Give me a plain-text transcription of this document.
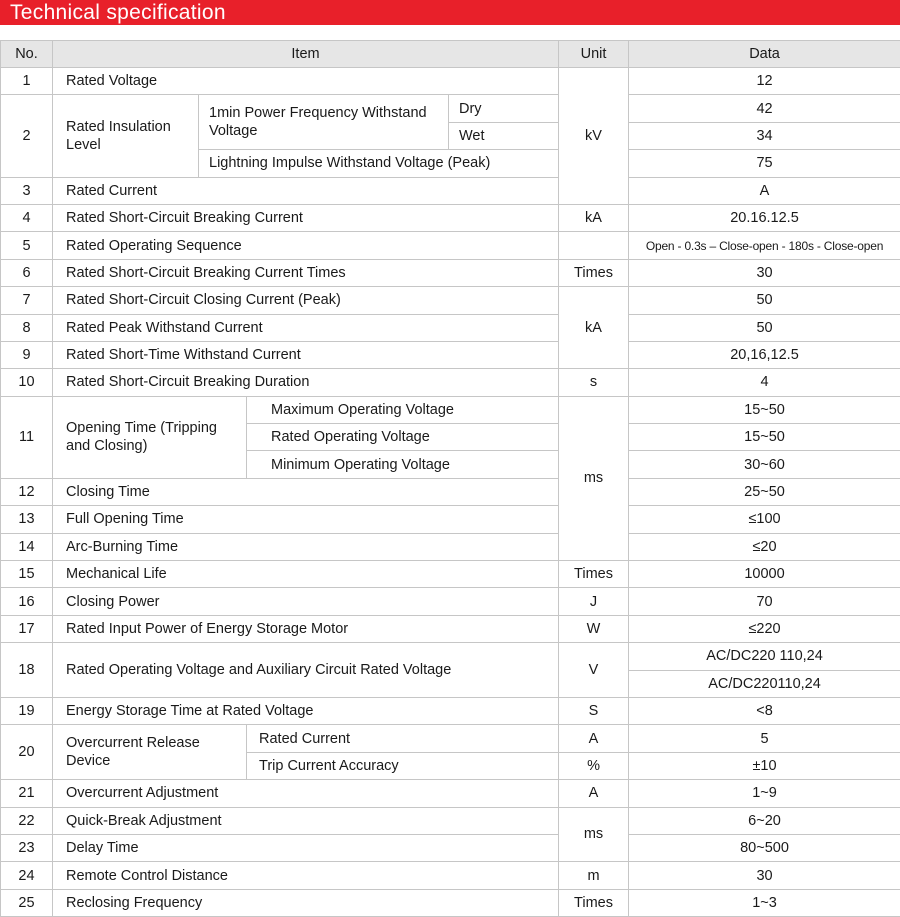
Technical specification
No.	Item				Unit	Data	
1	Rated Voltage				kV	12	
2	Rated Insulation Level	1min Power Frequency Withstand Voltage		Dry		42	
				Wet		34	
		Lightning Impulse Withstand Voltage (Peak)				75	
3	Rated Current					A	
4	Rated Short-Circuit Breaking Current				kA	20.16.12.5	
5	Rated Operating Sequence					Open - 0.3s – Close-open - 180s - Close-open	
6	Rated Short-Circuit Breaking Current Times				Times	30	
7	Rated Short-Circuit Closing Current (Peak)				kA	50	
8	Rated Peak Withstand Current					50	
9	Rated Short-Time Withstand Current					20,16,12.5	
10	Rated Short-Circuit Breaking Duration				s	4	
11	Opening Time (Tripping and Closing)		Maximum Operating Voltage		ms	15~50	
			Rated Operating Voltage			15~50	
			Minimum Operating Voltage			30~60	
12	Closing Time					25~50	
13	Full Opening Time					≤100	
14	Arc-Burning Time					≤20	
15	Mechanical Life				Times	10000	
16	Closing Power				J	70	
17	Rated Input Power of Energy Storage Motor				W	≤220	
18	Rated Operating Voltage and Auxiliary Circuit Rated Voltage				V	AC/DC220 110,24	
						AC/DC220110,24	
19	Energy Storage Time at Rated Voltage				S	<8	
20	Overcurrent Release Device		Rated Current		A	5	
			Trip Current Accuracy		%	±10	
21	Overcurrent Adjustment				A	1~9	
22	Quick-Break Adjustment				ms	6~20	
23	Delay Time					80~500	
24	Remote Control Distance				m	30	
25	Reclosing Frequency				Times	1~3	
